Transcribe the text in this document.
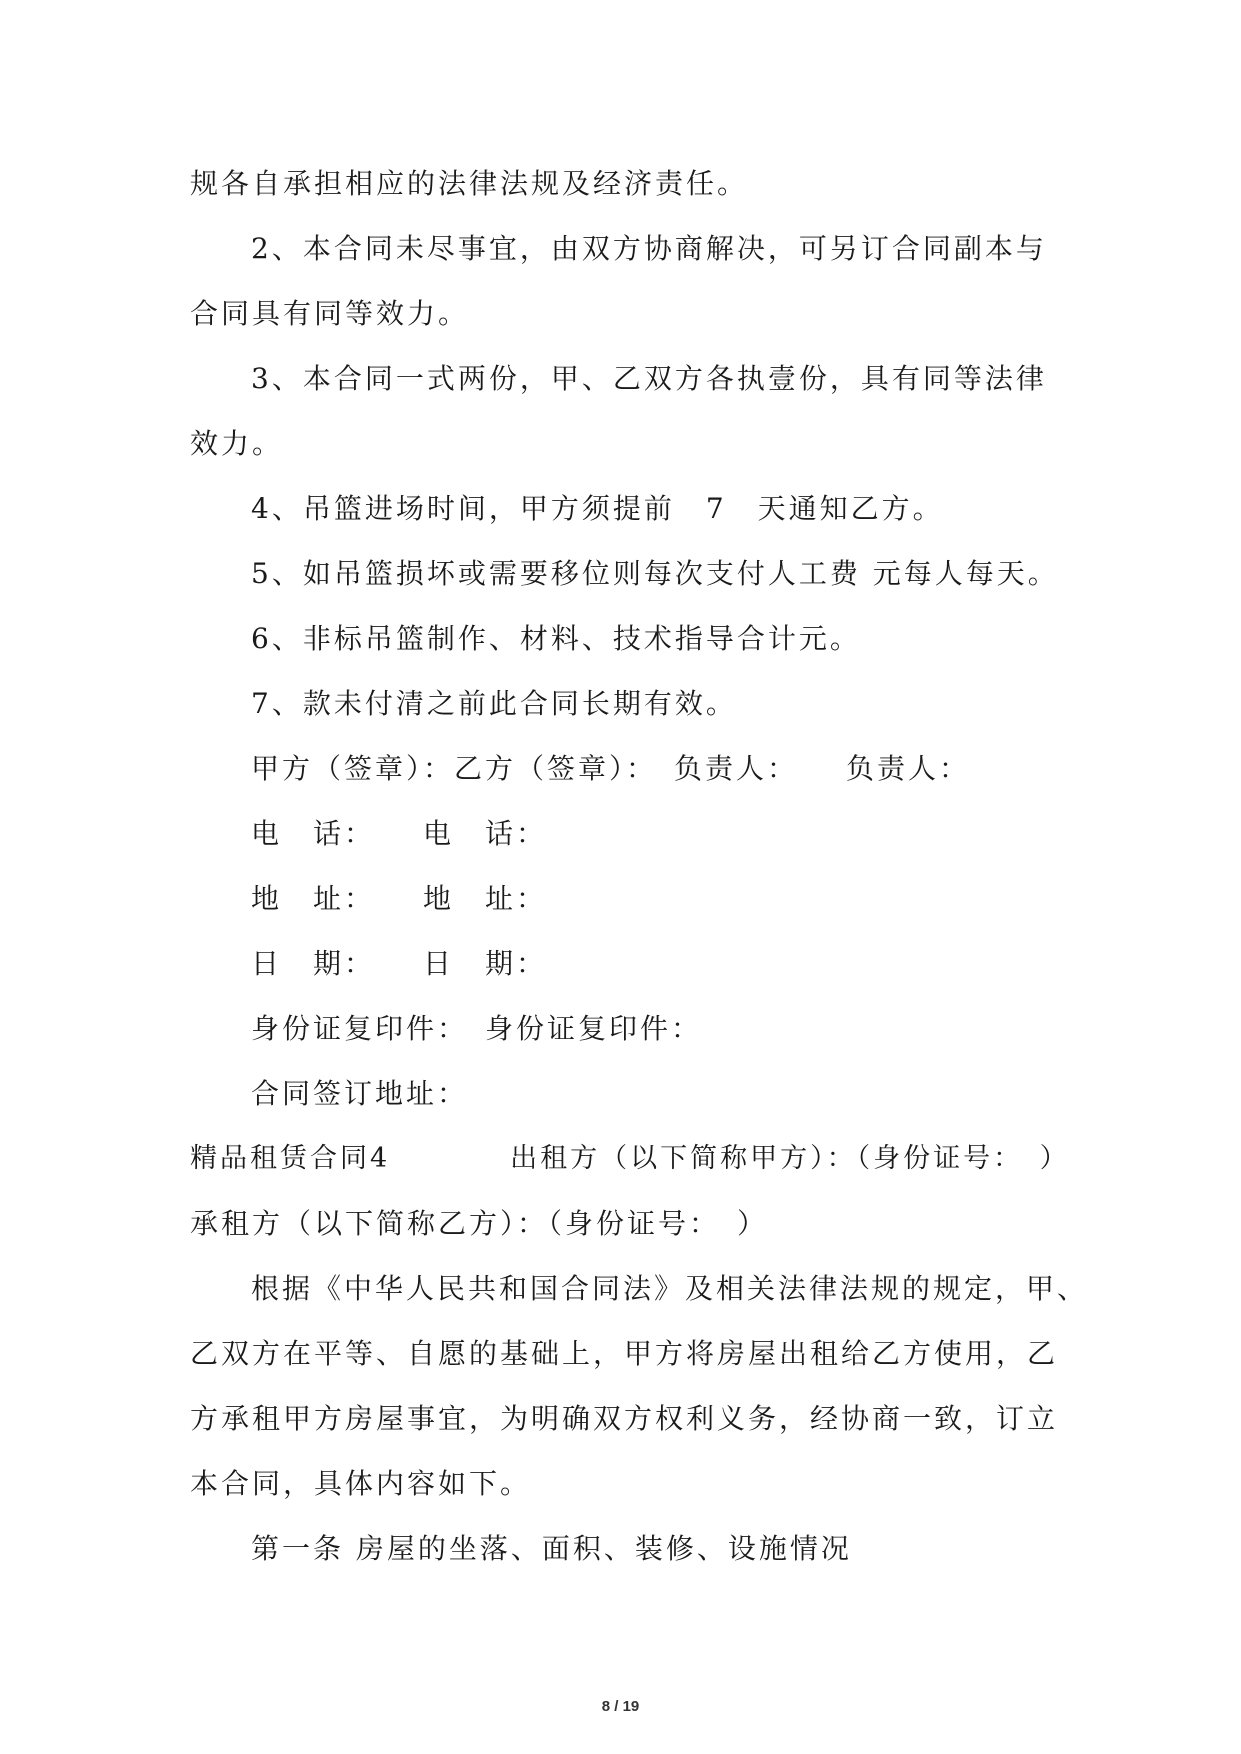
规各自承担相应的法律法规及经济责任。
2、本合同未尽事宜，由双方协商解决，可另订合同副本与
合同具有同等效力。
3、本合同一式两份，甲、乙双方各执壹份，具有同等法律
效力。
4、吊篮进场时间，甲方须提前　7　天通知乙方。
5、如吊篮损坏或需要移位则每次支付人工费 元每人每天。
6、非标吊篮制作、材料、技术指导合计元。
7、款未付清之前此合同长期有效。
甲方（签章）：乙方（签章）：　负责人：　　负责人：
电　话：　　电　话：
地　址：　　地　址：
日　期：　　日　期：
身份证复印件：　身份证复印件：
合同签订地址：
精品租赁合同4　　　　出租方（以下简称甲方）：（身份证号：　）
承租方（以下简称乙方）：（身份证号：　）
根据《中华人民共和国合同法》及相关法律法规的规定，甲、
乙双方在平等、自愿的基础上，甲方将房屋出租给乙方使用，乙
方承租甲方房屋事宜，为明确双方权利义务，经协商一致，订立
本合同，具体内容如下。
第一条 房屋的坐落、面积、装修、设施情况
8 / 19
